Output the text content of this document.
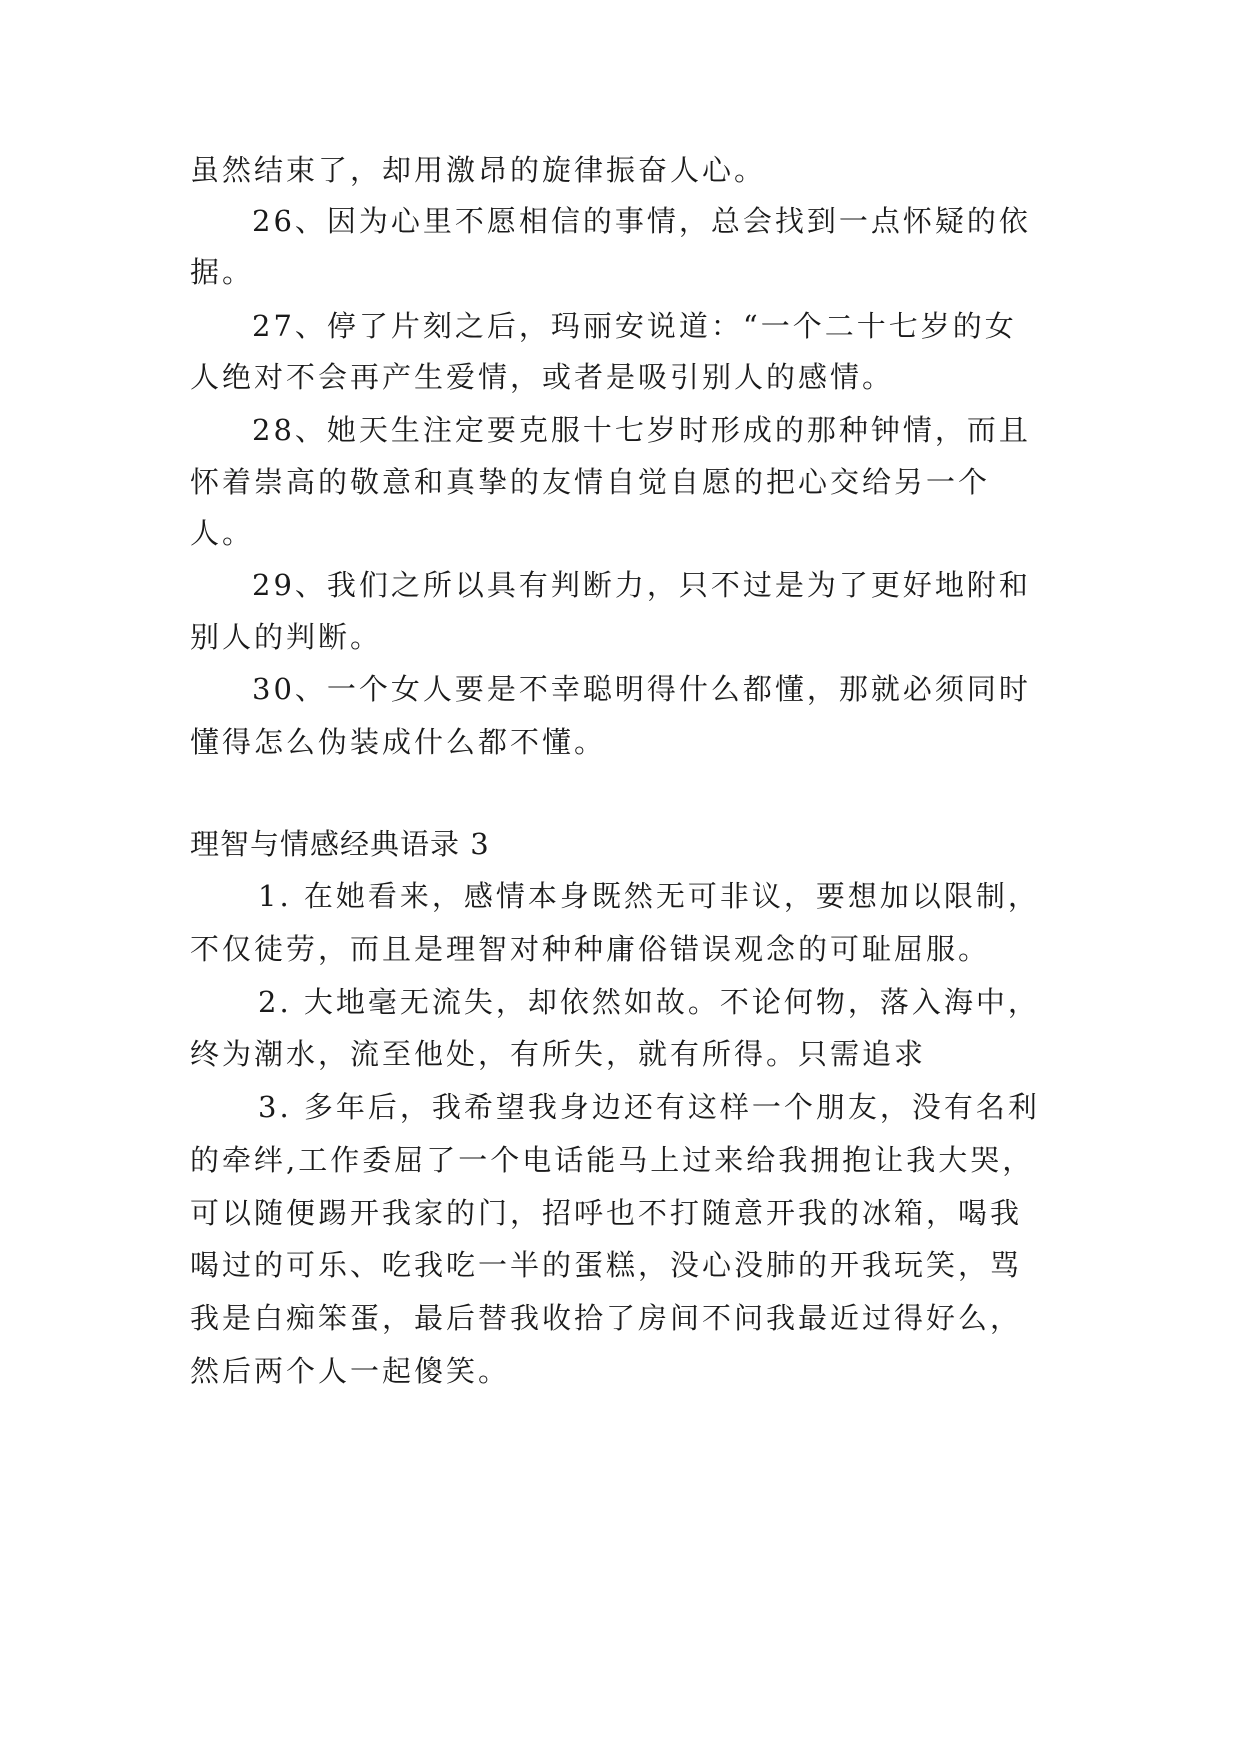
虽然结束了，却用激昂的旋律振奋人心。

26、因为心里不愿相信的事情，总会找到一点怀疑的依

据。

27、停了片刻之后，玛丽安说道：“一个二十七岁的女

人绝对不会再产生爱情，或者是吸引别人的感情。

28、她天生注定要克服十七岁时形成的那种钟情，而且

怀着崇高的敬意和真挚的友情自觉自愿的把心交给另一个

人。

29、我们之所以具有判断力，只不过是为了更好地附和

别人的判断。

30、一个女人要是不幸聪明得什么都懂，那就必须同时

懂得怎么伪装成什么都不懂。

理智与情感经典语录 3

1. 在她看来，感情本身既然无可非议，要想加以限制，

不仅徒劳，而且是理智对种种庸俗错误观念的可耻屈服。

2. 大地毫无流失，却依然如故。不论何物，落入海中，

终为潮水，流至他处，有所失，就有所得。只需追求

3. 多年后，我希望我身边还有这样一个朋友，没有名利

的牵绊,工作委屈了一个电话能马上过来给我拥抱让我大哭，

可以随便踢开我家的门，招呼也不打随意开我的冰箱，喝我

喝过的可乐、吃我吃一半的蛋糕，没心没肺的开我玩笑，骂

我是白痴笨蛋，最后替我收拾了房间不问我最近过得好么，

然后两个人一起傻笑。
